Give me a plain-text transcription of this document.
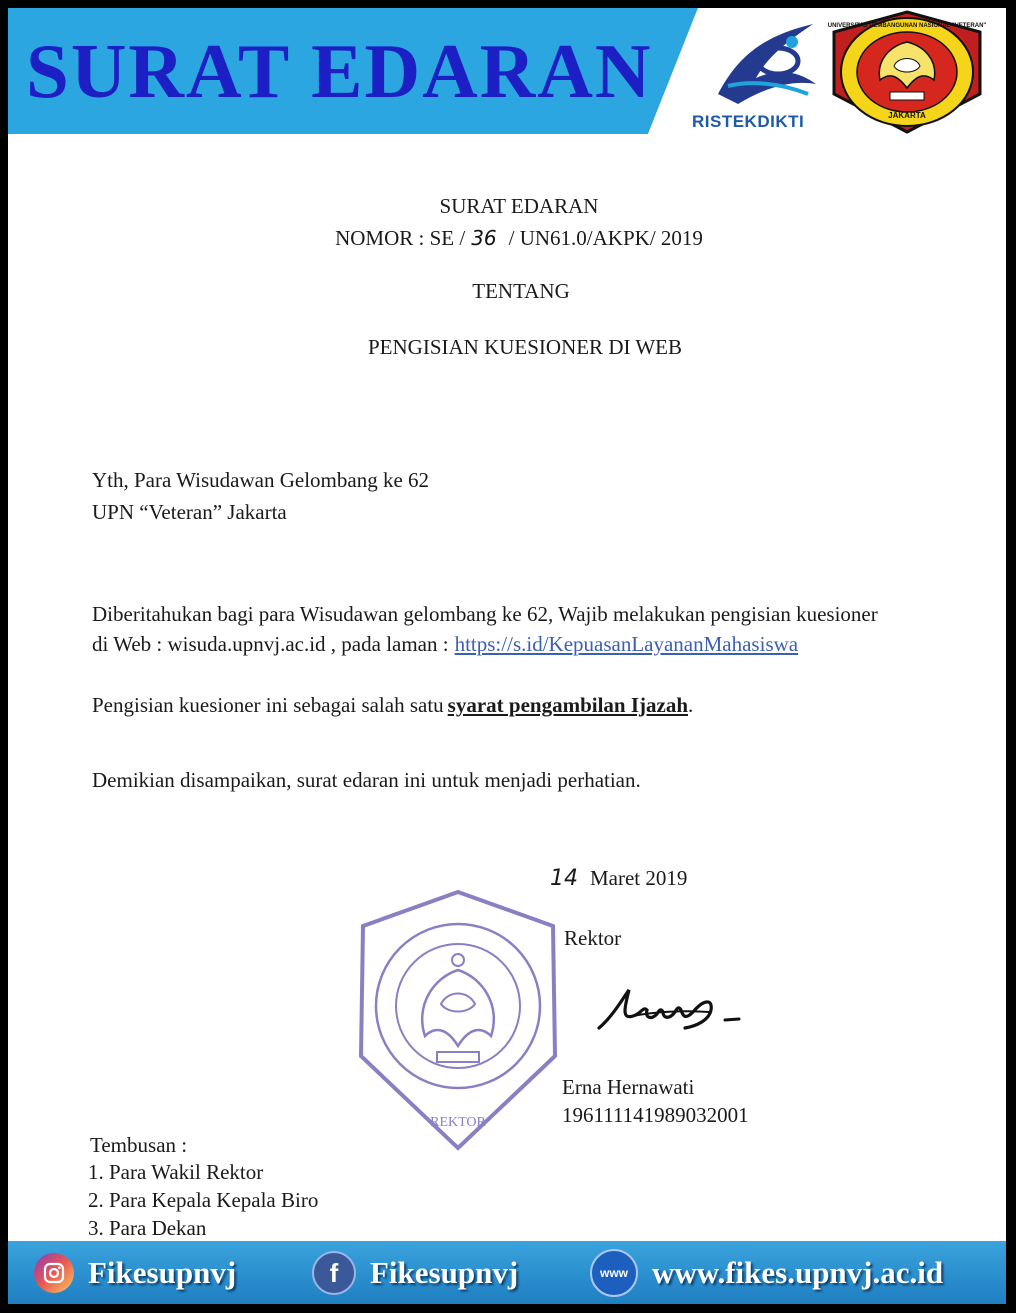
SURAT EDARAN
RISTEKDIKTI	JAKARTA
UNIVERSITAS PEMBANGUNAN NASIONAL "VETERAN"
SURAT EDARAN
NOMOR : SE / 36 / UN61.0/AKPK/ 2019
TENTANG
PENGISIAN KUESIONER DI WEB
Yth, Para Wisudawan Gelombang ke 62
UPN “Veteran” Jakarta
Diberitahukan bagi para Wisudawan gelombang ke 62, Wajib melakukan pengisian kuesioner
di Web : wisuda.upnvj.ac.id , pada laman : https://s.id/KepuasanLayananMahasiswa
Pengisian kuesioner ini sebagai salah satu syarat pengambilan Ijazah.
Demikian disampaikan, surat edaran ini untuk menjadi perhatian.
14 Maret 2019
REKTOR
Rektor
Erna Hernawati
196111141989032001
Tembusan :
1. Para Wakil Rektor
2. Para Kepala Kepala Biro
3. Para Dekan
Fikesupnvj	f Fikesupnvj	www www.fikes.upnvj.ac.id
